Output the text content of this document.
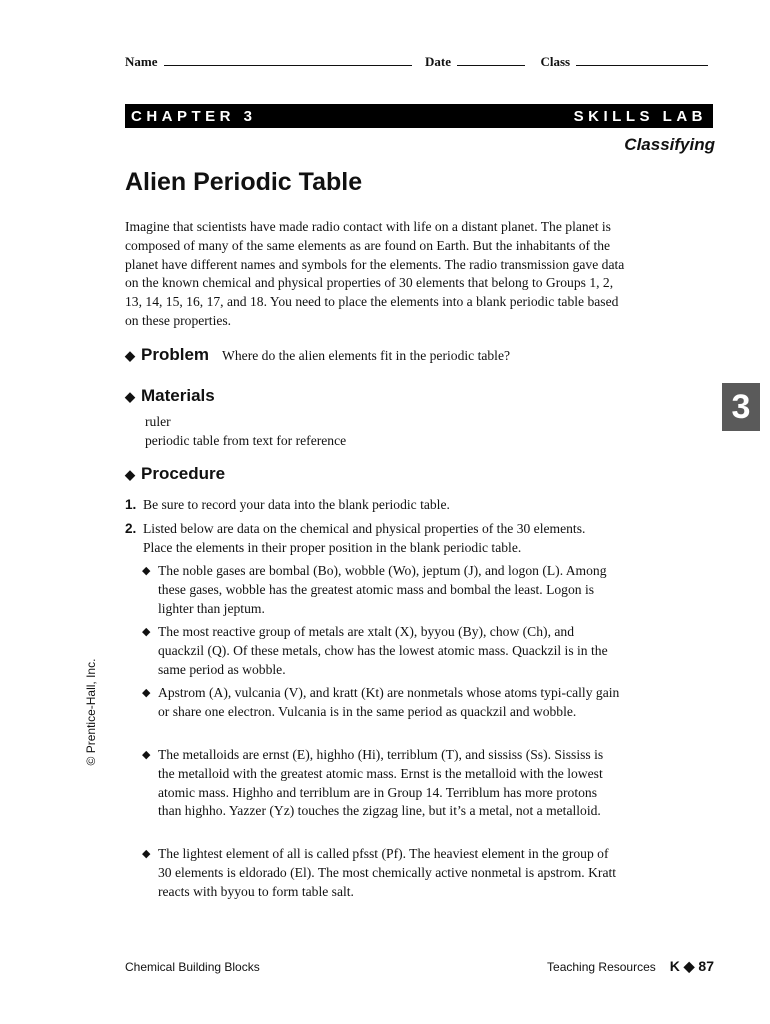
Name	Date	Class
CHAPTER 3	SKILLS LAB
Classifying
Alien Periodic Table

Imagine that scientists have made radio contact with life on a distant planet. The planet is composed of many of the same elements as are found on Earth. But the inhabitants of the planet have different names and symbols for the elements. The radio transmission gave data on the known chemical and physical properties of 30 elements that belong to Groups 1, 2, 13, 14, 15, 16, 17, and 18. You need to place the elements into a blank periodic table based on these properties.

◆ Problem Where do the alien elements fit in the periodic table?
◆ Materials
ruler
periodic table from text for reference
◆ Procedure
1. Be sure to record your data into the blank periodic table.
2. Listed below are data on the chemical and physical properties of the 30 elements.
Place the elements in their proper position in the blank periodic table.
◆ The noble gases are bombal (Bo), wobble (Wo), jeptum (J), and logon (L). Among these gases, wobble has the greatest atomic mass and bombal the least. Logon is lighter than jeptum.
◆ The most reactive group of metals are xtalt (X), byyou (By), chow (Ch), and quackzil (Q). Of these metals, chow has the lowest atomic mass. Quackzil is in the same period as wobble.
◆ Apstrom (A), vulcania (V), and kratt (Kt) are nonmetals whose atoms typi-cally gain or share one electron. Vulcania is in the same period as quackzil and wobble.
◆ The metalloids are ernst (E), highho (Hi), terriblum (T), and sississ (Ss). Sississ is the metalloid with the greatest atomic mass. Ernst is the metalloid with the lowest atomic mass. Highho and terriblum are in Group 14. Terriblum has more protons than highho. Yazzer (Yz) touches the zigzag line, but it’s a metal, not a metalloid.
◆ The lightest element of all is called pfsst (Pf). The heaviest element in the group of 30 elements is eldorado (El). The most chemically active nonmetal is apstrom. Kratt reacts with byyou to form table salt.
3
© Prentice-Hall, Inc.
Chemical Building Blocks	Teaching Resources K ◆ 87
